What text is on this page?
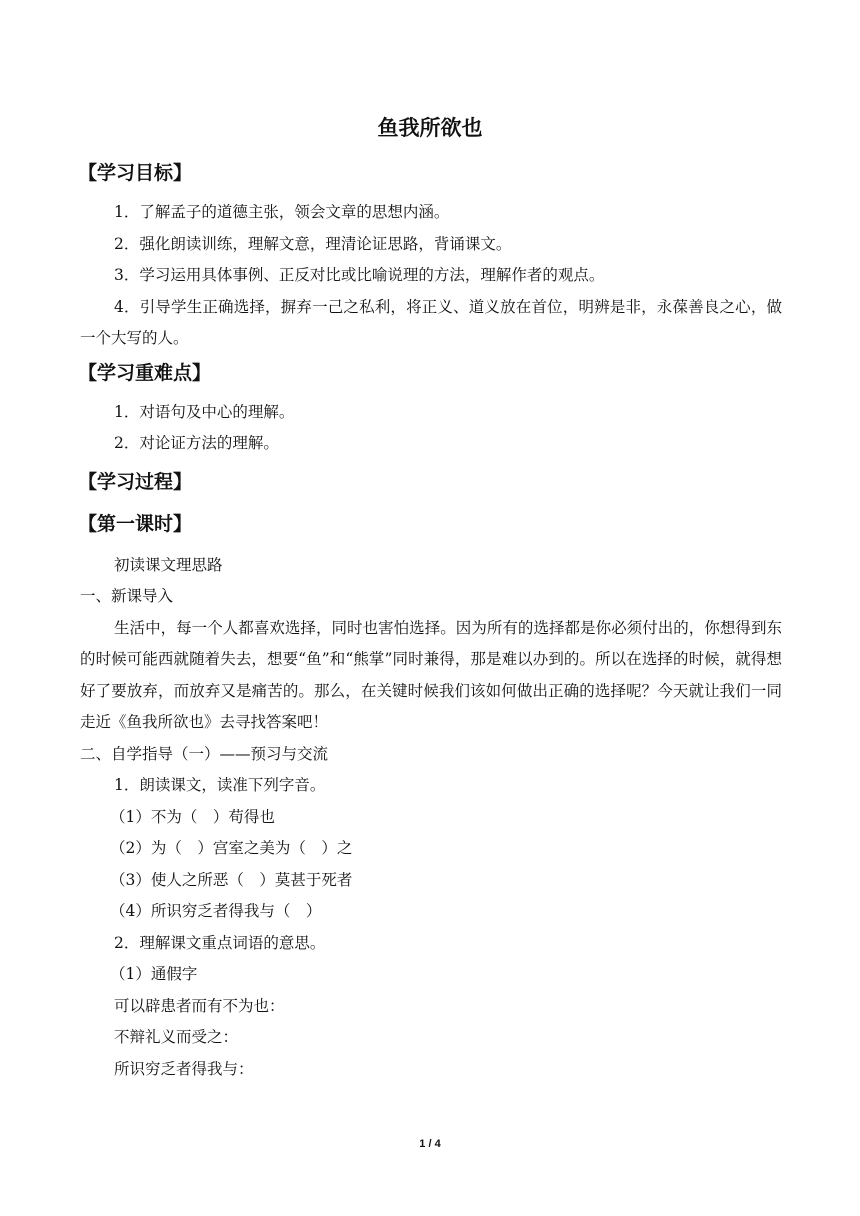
鱼我所欲也

【学习目标】

1．了解孟子的道德主张，领会文章的思想内涵。

2．强化朗读训练，理解文意，理清论证思路，背诵课文。

3．学习运用具体事例、正反对比或比喻说理的方法，理解作者的观点。

4．引导学生正确选择，摒弃一己之私利，将正义、道义放在首位，明辨是非，永葆善良之心，做一个大写的人。

【学习重难点】

1．对语句及中心的理解。

2．对论证方法的理解。

【学习过程】

【第一课时】

初读课文理思路

一、新课导入

生活中，每一个人都喜欢选择，同时也害怕选择。因为所有的选择都是你必须付出的，你想得到东的时候可能西就随着失去，想要“鱼”和“熊掌”同时兼得，那是难以办到的。所以在选择的时候，就得想好了要放弃，而放弃又是痛苦的。那么，在关键时候我们该如何做出正确的选择呢？今天就让我们一同走近《鱼我所欲也》去寻找答案吧！

二、自学指导（一）——预习与交流

1．朗读课文，读准下列字音。

（1）不为（　）苟得也

（2）为（　）宫室之美为（　）之

（3）使人之所恶（　）莫甚于死者

（4）所识穷乏者得我与（　）

2．理解课文重点词语的意思。

（1）通假字

可以辟患者而有不为也：

不辩礼义而受之：

所识穷乏者得我与：

1 / 4
